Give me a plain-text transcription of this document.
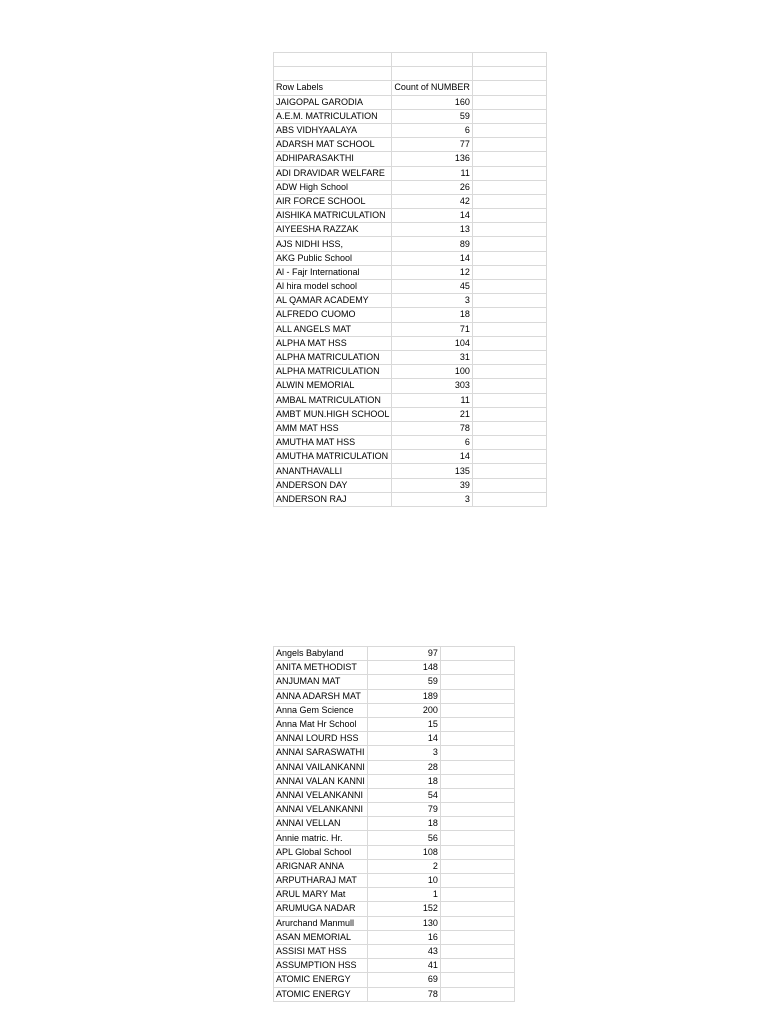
Row Labels	Count of NUMBER	
JAIGOPAL GARODIA	160	
A.E.M. MATRICULATION	59	
ABS VIDHYAALAYA	6	
ADARSH MAT SCHOOL	77	
ADHIPARASAKTHI	136	
ADI DRAVIDAR WELFARE	11	
ADW High School	26	
AIR FORCE SCHOOL	42	
AISHIKA MATRICULATION	14	
AIYEESHA RAZZAK	13	
AJS NIDHI HSS,	89	
AKG Public School	14	
Al - Fajr International	12	
Al hira model school	45	
AL QAMAR ACADEMY	3	
ALFREDO CUOMO	18	
ALL ANGELS MAT	71	
ALPHA MAT HSS	104	
ALPHA MATRICULATION	31	
ALPHA MATRICULATION	100	
ALWIN MEMORIAL	303	
AMBAL MATRICULATION	11	
AMBT MUN.HIGH SCHOOL	21	
AMM MAT HSS	78	
AMUTHA MAT HSS	6	
AMUTHA MATRICULATION	14	
ANANTHAVALLI	135	
ANDERSON DAY	39	
ANDERSON RAJ	3	
Angels Babyland	97	
ANITA METHODIST	148	
ANJUMAN MAT	59	
ANNA ADARSH MAT	189	
Anna Gem Science	200	
Anna Mat Hr School	15	
ANNAI LOURD HSS	14	
ANNAI SARASWATHI	3	
ANNAI VAILANKANNI	28	
ANNAI VALAN KANNI	18	
ANNAI VELANKANNI	54	
ANNAI VELANKANNI	79	
ANNAI VELLAN	18	
Annie matric. Hr.	56	
APL Global School	108	
ARIGNAR ANNA	2	
ARPUTHARAJ MAT	10	
ARUL MARY Mat	1	
ARUMUGA NADAR	152	
Arurchand Manmull	130	
ASAN MEMORIAL	16	
ASSISI MAT HSS	43	
ASSUMPTION HSS	41	
ATOMIC ENERGY	69	
ATOMIC ENERGY	78	
